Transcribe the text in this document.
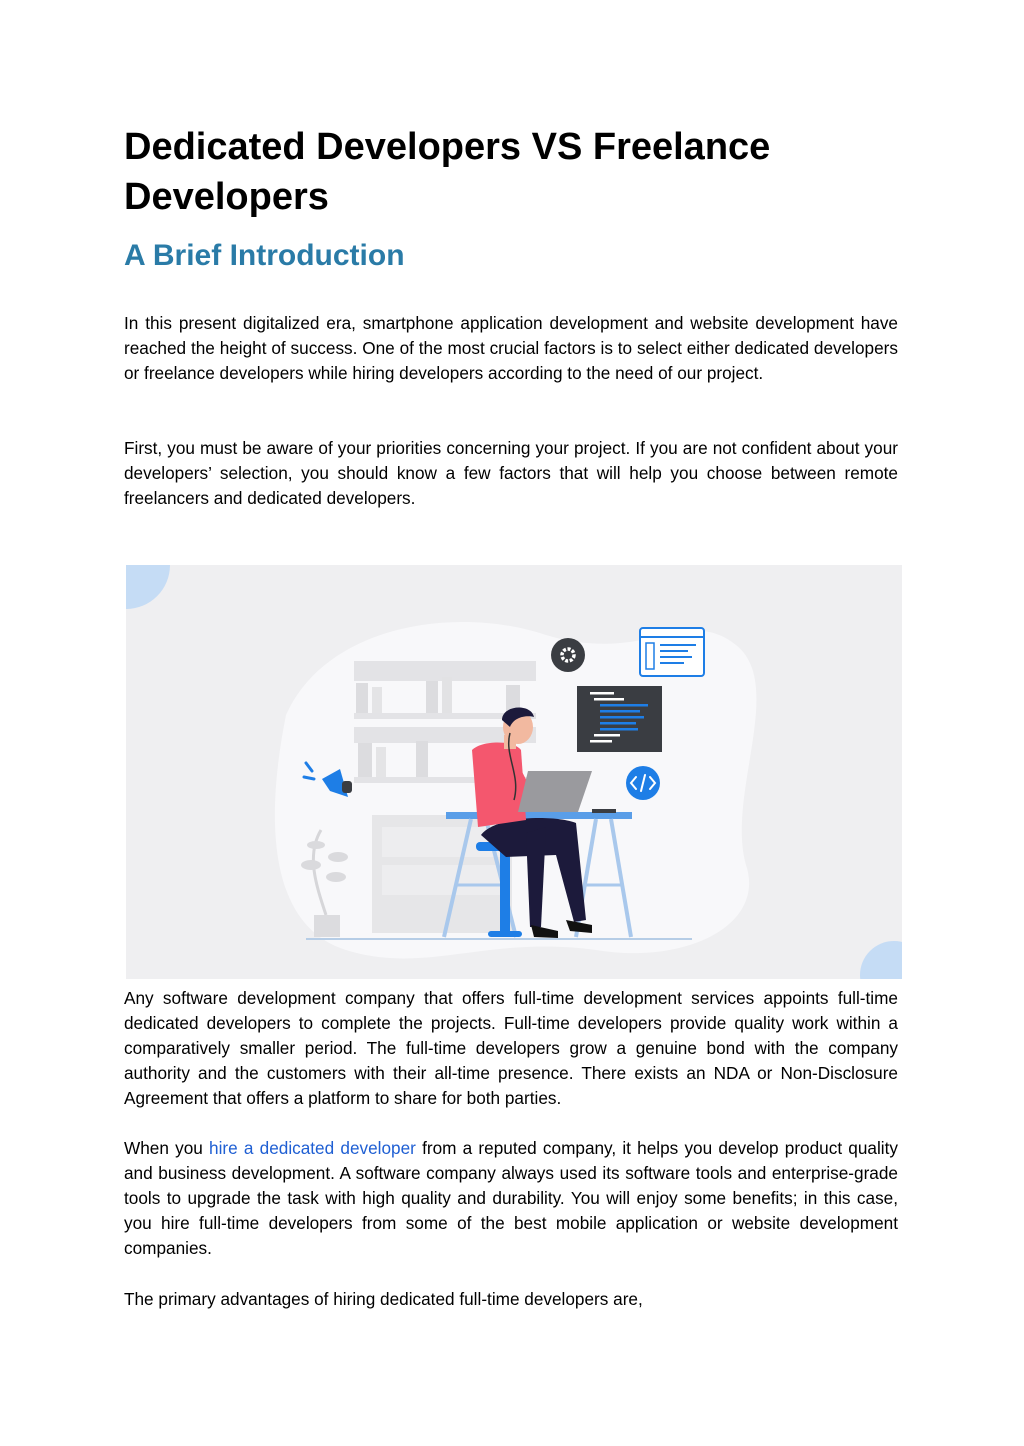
Dedicated Developers VS Freelance Developers
A Brief Introduction

In this present digitalized era, smartphone application development and website development have reached the height of success. One of the most crucial factors is to select either dedicated developers or freelance developers while hiring developers according to the need of our project.

First, you must be aware of your priorities concerning your project. If you are not confident about your developers’ selection, you should know a few factors that will help you choose between remote freelancers and dedicated developers.

Any software development company that offers full-time development services appoints full-time dedicated developers to complete the projects. Full-time developers provide quality work within a comparatively smaller period. The full-time developers grow a genuine bond with the company authority and the customers with their all-time presence. There exists an NDA or Non-Disclosure Agreement that offers a platform to share for both parties.

When you hire a dedicated developer from a reputed company, it helps you develop product quality and business development. A software company always used its software tools and enterprise-grade tools to upgrade the task with high quality and durability. You will enjoy some benefits; in this case, you hire full-time developers from some of the best mobile application or website development companies.

The primary advantages of hiring dedicated full-time developers are,
